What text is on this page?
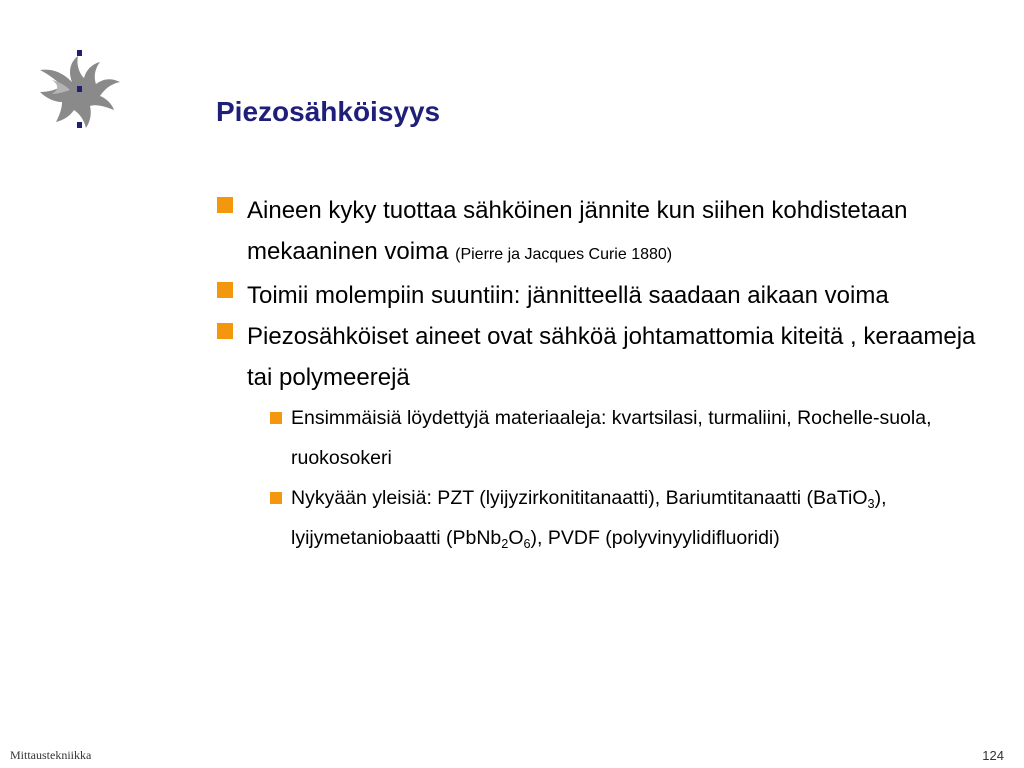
Piezosähköisyys
Aineen kyky tuottaa sähköinen jännite kun siihen kohdistetaan mekaaninen voima (Pierre ja Jacques Curie 1880)
Toimii molempiin suuntiin: jännitteellä saadaan aikaan voima
Piezosähköiset aineet ovat sähköä johtamattomia kiteitä , keraameja tai polymeerejä
Ensimmäisiä löydettyjä materiaaleja: kvartsilasi, turmaliini, Rochelle-suola, ruokosokeri
Nykyään yleisiä: PZT (lyijyzirkonititanaatti), Bariumtitanaatti (BaTiO$_3$), lyijymetaniobaatti $(PbNb_2O_6)$, PVDF (polyvinyylidifluoridi)
Mittaustekniikka	124
